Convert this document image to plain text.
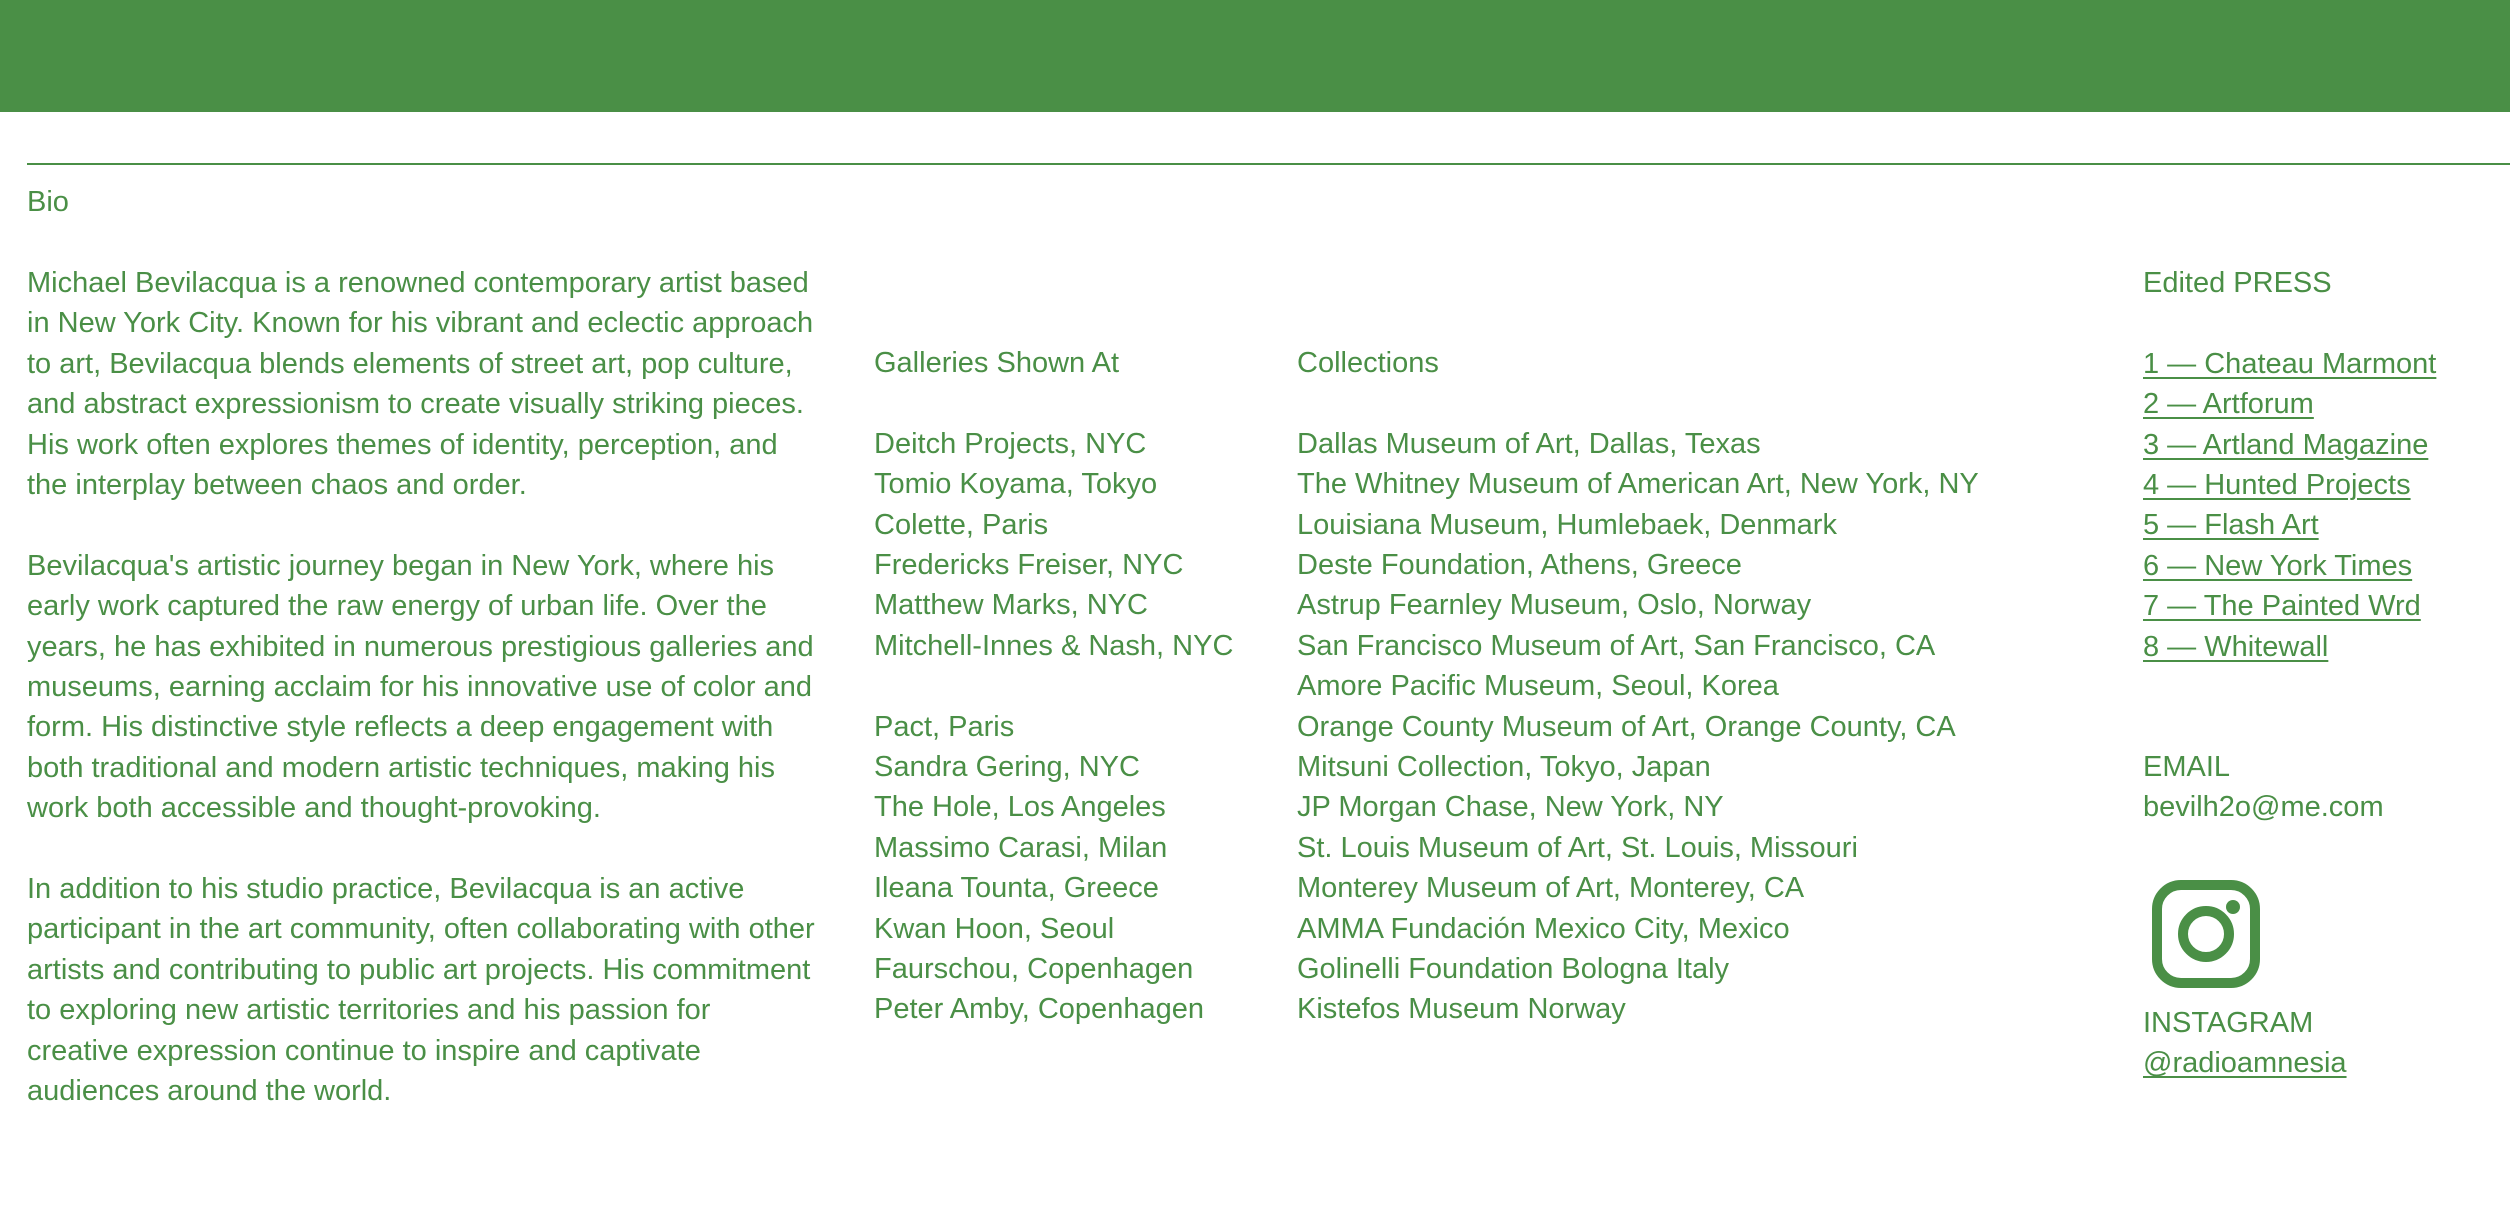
Bio

Michael Bevilacqua is a renowned contemporary artist based in New York City. Known for his vibrant and eclectic approach to art, Bevilacqua blends elements of street art, pop culture, and abstract expressionism to create visually striking pieces. His work often explores themes of identity, perception, and the interplay between chaos and order.

Bevilacqua's artistic journey began in New York, where his early work captured the raw energy of urban life. Over the years, he has exhibited in numerous prestigious galleries and museums, earning acclaim for his innovative use of color and form. His distinctive style reflects a deep engagement with both traditional and modern artistic techniques, making his work both accessible and thought-provoking.

In addition to his studio practice, Bevilacqua is an active participant in the art community, often collaborating with other artists and contributing to public art projects. His commitment to exploring new artistic territories and his passion for creative expression continue to inspire and captivate audiences around the world.

Galleries Shown At
Deitch Projects, NYC
Tomio Koyama, Tokyo
Colette, Paris
Fredericks Freiser, NYC
Matthew Marks, NYC
Mitchell-Innes & Nash, NYC
Pact, Paris
Sandra Gering, NYC
The Hole, Los Angeles
Massimo Carasi, Milan
Ileana Tounta, Greece
Kwan Hoon, Seoul
Faurschou, Copenhagen
Peter Amby, Copenhagen
Collections
Dallas Museum of Art, Dallas, Texas
The Whitney Museum of American Art, New York, NY
Louisiana Museum, Humlebaek, Denmark
Deste Foundation, Athens, Greece
Astrup Fearnley Museum, Oslo, Norway
San Francisco Museum of Art, San Francisco, CA
Amore Pacific Museum, Seoul, Korea
Orange County Museum of Art, Orange County, CA
Mitsuni Collection, Tokyo, Japan
JP Morgan Chase, New York, NY
St. Louis Museum of Art, St. Louis, Missouri
Monterey Museum of Art, Monterey, CA
AMMA Fundación Mexico City, Mexico
Golinelli Foundation Bologna Italy
Kistefos Museum Norway
Edited PRESS
1 — Chateau Marmont
2 — Artforum
3 — Artland Magazine
4 — Hunted Projects
5 — Flash Art
6 — New York Times
7 — The Painted Wrd
8 — Whitewall
EMAIL
bevilh2o@me.com
INSTAGRAM
@radioamnesia
